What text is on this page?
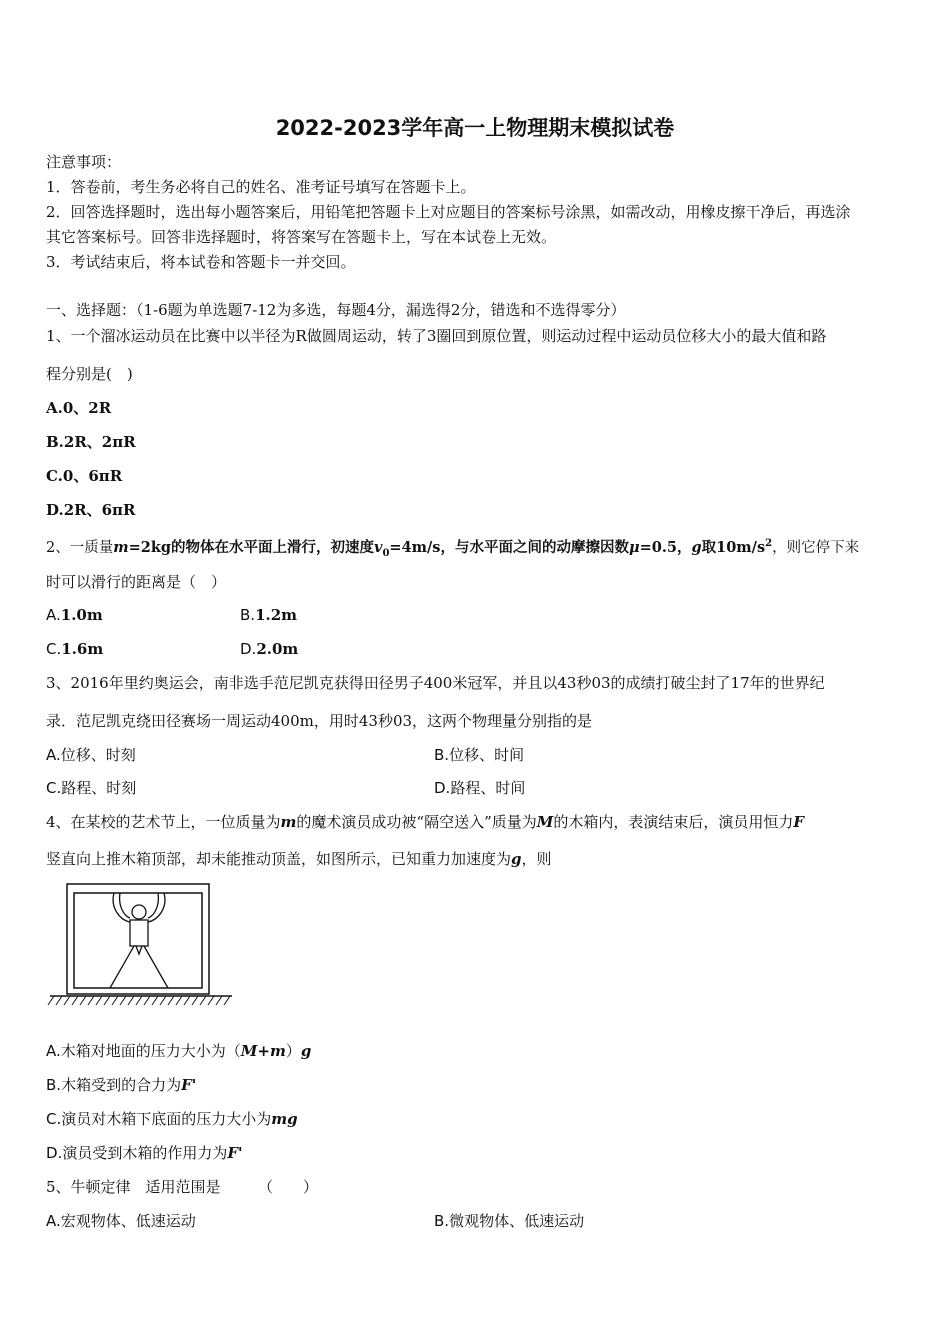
2022-2023学年高一上物理期末模拟试卷
注意事项：
1．答卷前，考生务必将自己的姓名、准考证号填写在答题卡上。
2．回答选择题时，选出每小题答案后，用铅笔把答题卡上对应题目的答案标号涂黑，如需改动，用橡皮擦干净后，再选涂
其它答案标号。回答非选择题时，将答案写在答题卡上，写在本试卷上无效。
3．考试结束后，将本试卷和答题卡一并交回。
一、选择题：（1-6题为单选题7-12为多选，每题4分，漏选得2分，错选和不选得零分）
1、一个溜冰运动员在比赛中以半径为R做圆周运动，转了3圈回到原位置，则运动过程中运动员位移大小的最大值和路
程分别是(　)
A.0、2R
B.2R、2πR
C.0、6πR
D.2R、6πR
2、一质量m=2kg的物体在水平面上滑行，初速度$v_0=4m/s$，与水平面之间的动摩擦因数μ=0.5，g取$10m/s^2$，则它停下来
时可以滑行的距离是（　）
A.1.0m	B.1.2m
C.1.6m	D.2.0m
3、2016年里约奥运会，南非选手范尼凯克获得田径男子400米冠军，并且以43秒03的成绩打破尘封了17年的世界纪
录．范尼凯克绕田径赛场一周运动400m，用时43秒03，这两个物理量分别指的是
A.位移、时刻	B.位移、时间
C.路程、时刻	D.路程、时间
4、在某校的艺术节上，一位质量为m的魔术演员成功被“隔空送入”质量为M的木箱内，表演结束后，演员用恒力F
竖直向上推木箱顶部，却未能推动顶盖，如图所示，已知重力加速度为g，则
A.木箱对地面的压力大小为（M+m）g
B.木箱受到的合力为F'
C.演员对木箱下底面的压力大小为mg
D.演员受到木箱的作用力为F'
5、牛顿定律　适用范围是　　　（　　）
A.宏观物体、低速运动	B.微观物体、低速运动
